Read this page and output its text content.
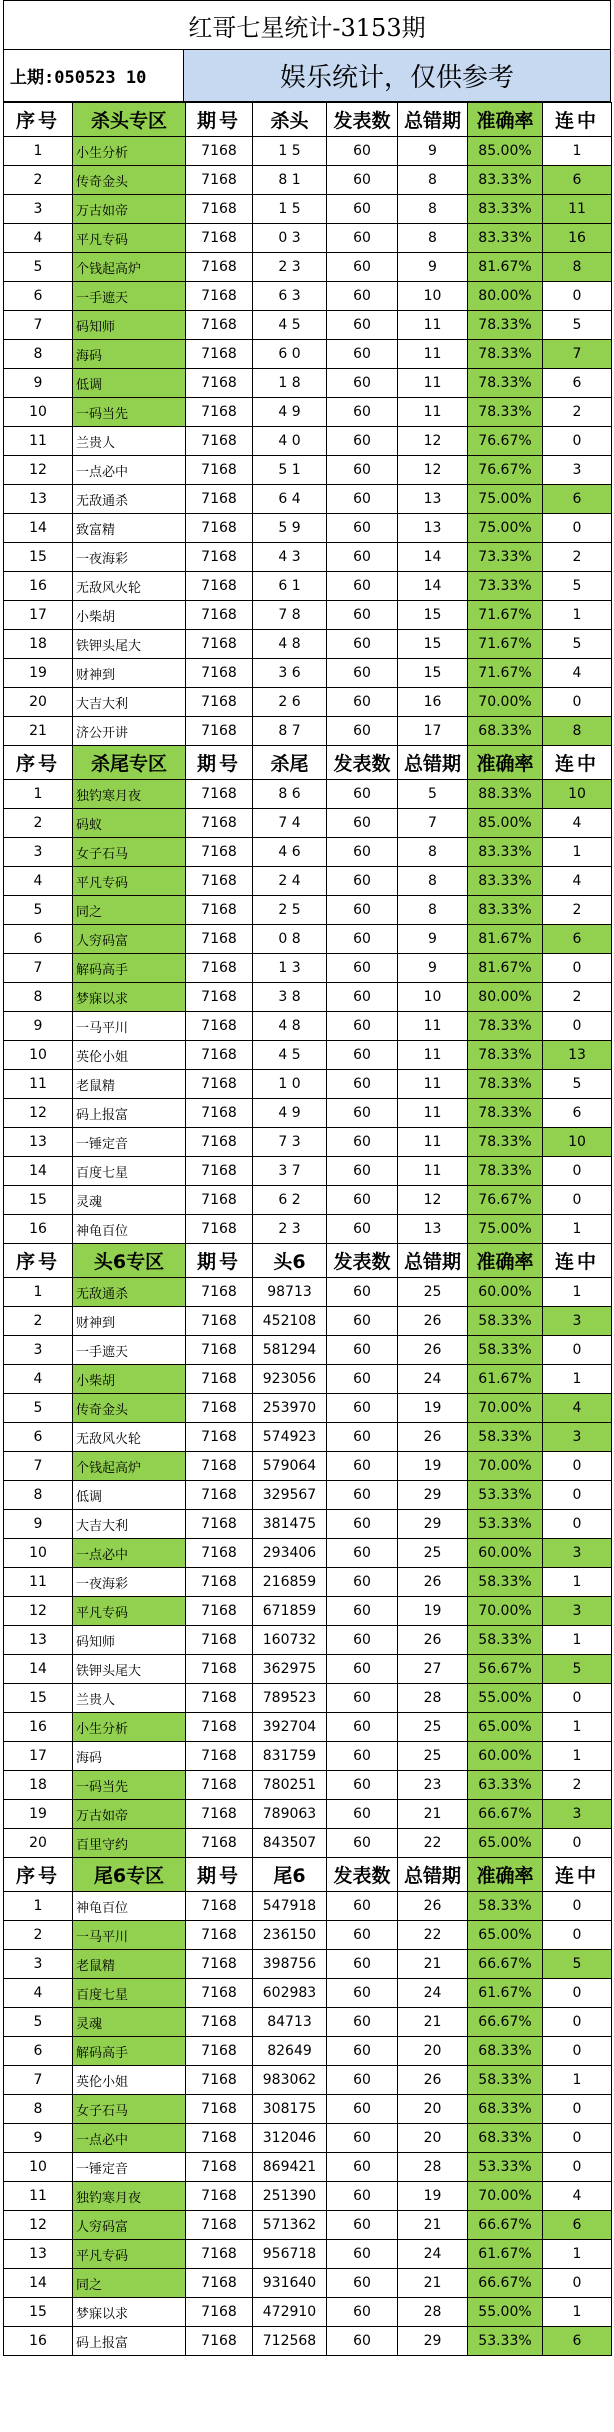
红哥七星统计-3153期
上期:050523 10	娱乐统计，仅供参考
序号	杀头专区	期号	杀头	发表数	总错期	准确率	连中
1	小生分析	7168	1 5	60	9	85.00%	1
2	传奇金头	7168	8 1	60	8	83.33%	6
3	万古如帝	7168	1 5	60	8	83.33%	11
4	平凡专码	7168	0 3	60	8	83.33%	16
5	个钱起高炉	7168	2 3	60	9	81.67%	8
6	一手遮天	7168	6 3	60	10	80.00%	0
7	码知师	7168	4 5	60	11	78.33%	5
8	海码	7168	6 0	60	11	78.33%	7
9	低调	7168	1 8	60	11	78.33%	6
10	一码当先	7168	4 9	60	11	78.33%	2
11	兰贵人	7168	4 0	60	12	76.67%	0
12	一点必中	7168	5 1	60	12	76.67%	3
13	无敌通杀	7168	6 4	60	13	75.00%	6
14	致富精	7168	5 9	60	13	75.00%	0
15	一夜海彩	7168	4 3	60	14	73.33%	2
16	无敌风火轮	7168	6 1	60	14	73.33%	5
17	小柴胡	7168	7 8	60	15	71.67%	1
18	铁钾头尾大	7168	4 8	60	15	71.67%	5
19	财神到	7168	3 6	60	15	71.67%	4
20	大吉大利	7168	2 6	60	16	70.00%	0
21	济公开讲	7168	8 7	60	17	68.33%	8
序号	杀尾专区	期号	杀尾	发表数	总错期	准确率	连中
1	独钓寒月夜	7168	8 6	60	5	88.33%	10
2	码蚁	7168	7 4	60	7	85.00%	4
3	女子石马	7168	4 6	60	8	83.33%	1
4	平凡专码	7168	2 4	60	8	83.33%	4
5	同之	7168	2 5	60	8	83.33%	2
6	人穷码富	7168	0 8	60	9	81.67%	6
7	解码高手	7168	1 3	60	9	81.67%	0
8	梦寐以求	7168	3 8	60	10	80.00%	2
9	一马平川	7168	4 8	60	11	78.33%	0
10	英伦小姐	7168	4 5	60	11	78.33%	13
11	老鼠精	7168	1 0	60	11	78.33%	5
12	码上报富	7168	4 9	60	11	78.33%	6
13	一锤定音	7168	7 3	60	11	78.33%	10
14	百度七星	7168	3 7	60	11	78.33%	0
15	灵魂	7168	6 2	60	12	76.67%	0
16	神龟百位	7168	2 3	60	13	75.00%	1
序号	头6专区	期号	头6	发表数	总错期	准确率	连中
1	无敌通杀	7168	98713	60	25	60.00%	1
2	财神到	7168	452108	60	26	58.33%	3
3	一手遮天	7168	581294	60	26	58.33%	0
4	小柴胡	7168	923056	60	24	61.67%	1
5	传奇金头	7168	253970	60	19	70.00%	4
6	无敌风火轮	7168	574923	60	26	58.33%	3
7	个钱起高炉	7168	579064	60	19	70.00%	0
8	低调	7168	329567	60	29	53.33%	0
9	大吉大利	7168	381475	60	29	53.33%	0
10	一点必中	7168	293406	60	25	60.00%	3
11	一夜海彩	7168	216859	60	26	58.33%	1
12	平凡专码	7168	671859	60	19	70.00%	3
13	码知师	7168	160732	60	26	58.33%	1
14	铁钾头尾大	7168	362975	60	27	56.67%	5
15	兰贵人	7168	789523	60	28	55.00%	0
16	小生分析	7168	392704	60	25	65.00%	1
17	海码	7168	831759	60	25	60.00%	1
18	一码当先	7168	780251	60	23	63.33%	2
19	万古如帝	7168	789063	60	21	66.67%	3
20	百里守约	7168	843507	60	22	65.00%	0
序号	尾6专区	期号	尾6	发表数	总错期	准确率	连中
1	神龟百位	7168	547918	60	26	58.33%	0
2	一马平川	7168	236150	60	22	65.00%	0
3	老鼠精	7168	398756	60	21	66.67%	5
4	百度七星	7168	602983	60	24	61.67%	0
5	灵魂	7168	84713	60	21	66.67%	0
6	解码高手	7168	82649	60	20	68.33%	0
7	英伦小姐	7168	983062	60	26	58.33%	1
8	女子石马	7168	308175	60	20	68.33%	0
9	一点必中	7168	312046	60	20	68.33%	0
10	一锤定音	7168	869421	60	28	53.33%	0
11	独钓寒月夜	7168	251390	60	19	70.00%	4
12	人穷码富	7168	571362	60	21	66.67%	6
13	平凡专码	7168	956718	60	24	61.67%	1
14	同之	7168	931640	60	21	66.67%	0
15	梦寐以求	7168	472910	60	28	55.00%	1
16	码上报富	7168	712568	60	29	53.33%	6
